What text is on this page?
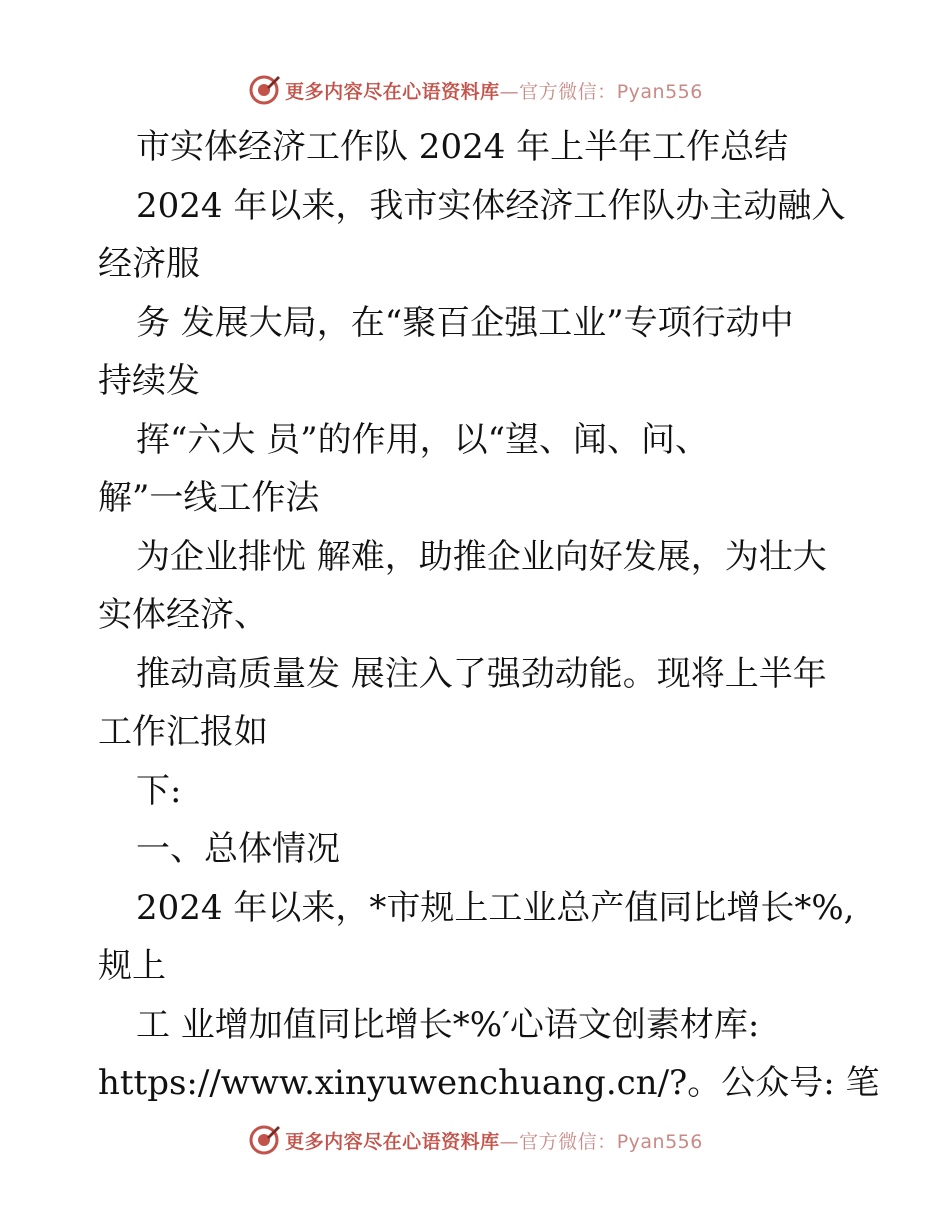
更多内容尽在心语资料库—官方微信：Pyan556
市实体经济工作队 2024 年上半年工作总结
2024 年以来，我市实体经济工作队办主动融入
经济服
务 发展大局，在“聚百企强工业”专项行动中
持续发
挥“六大 员”的作用，以“望、闻、问、
解”一线工作法
为企业排忧 解难，助推企业向好发展，为壮大
实体经济、
推动高质量发 展注入了强劲动能。现将上半年
工作汇报如
下:
一、总体情况
2024 年以来，*市规上工业总产值同比增长*%,
规上
工 业增加值同比增长*%′心语文创素材库:
https://www.xinyuwenchuang.cn/?。公众号: 笔
更多内容尽在心语资料库—官方微信：Pyan556
